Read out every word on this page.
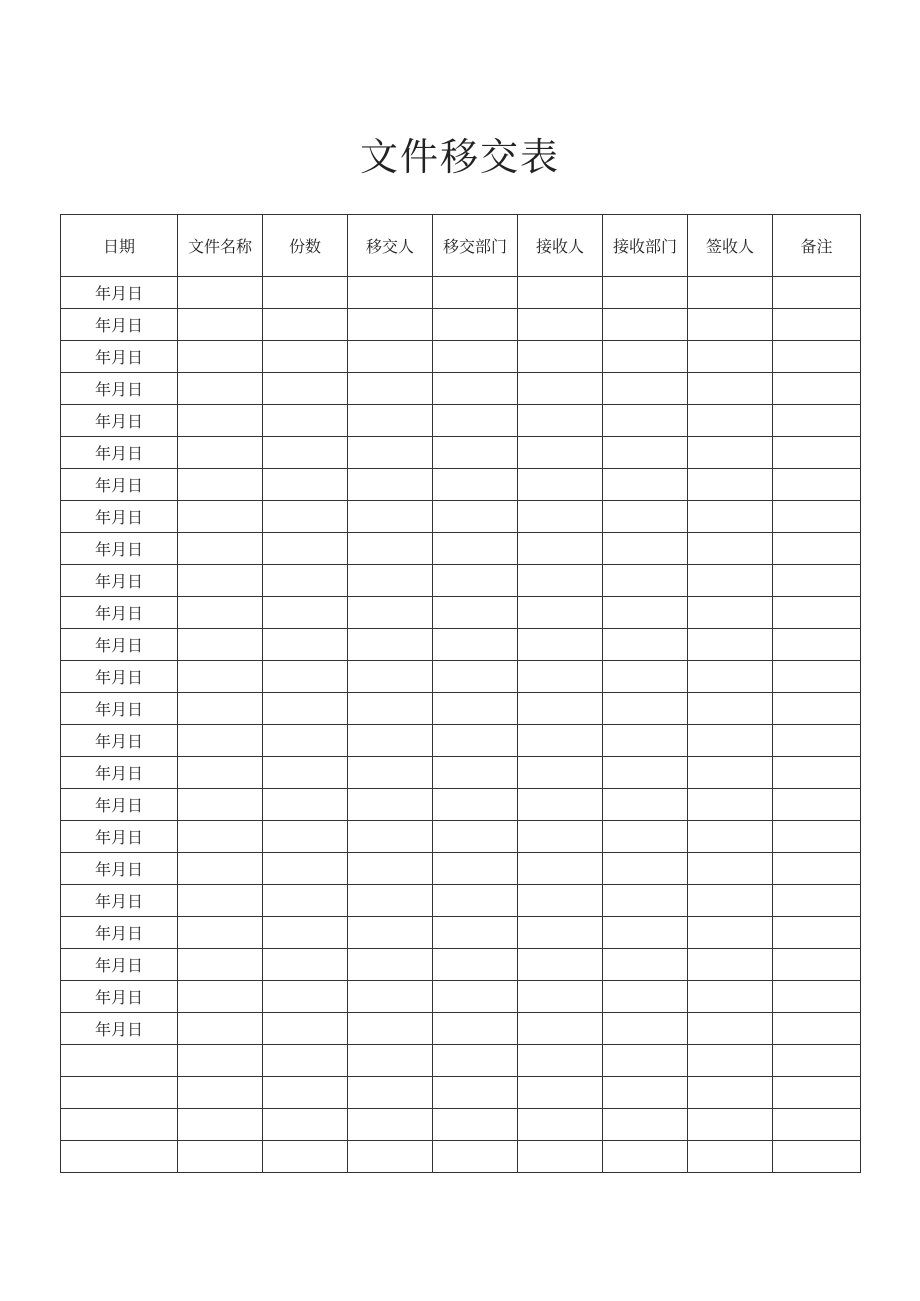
文件移交表
日期	文件名称	份数	移交人	移交部门	接收人	接收部门	签收人	备注
年月日								
年月日								
年月日								
年月日								
年月日								
年月日								
年月日								
年月日								
年月日								
年月日								
年月日								
年月日								
年月日								
年月日								
年月日								
年月日								
年月日								
年月日								
年月日								
年月日								
年月日								
年月日								
年月日								
年月日								
